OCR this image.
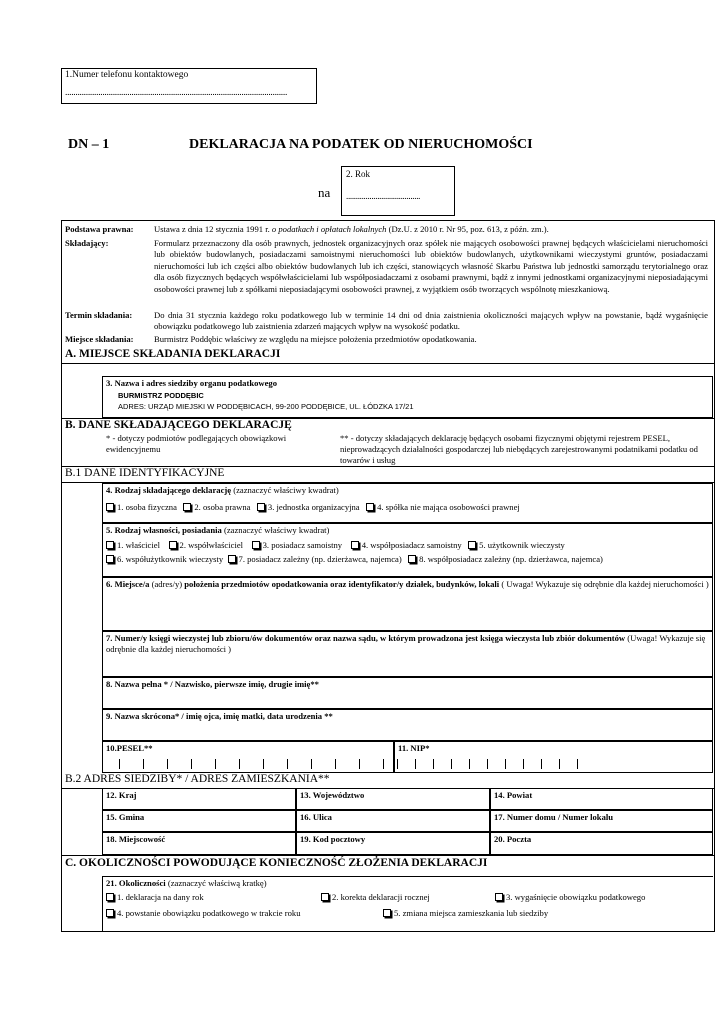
1.Numer telefonu kontaktowego
...........................................................................................................
DN – 1	DEKLARACJA NA PODATEK OD NIERUCHOMOŚCI
na
2. Rok
......................................
Podstawa prawna: Ustawa z dnia 12 stycznia 1991 r. o podatkach i opłatach lokalnych (Dz.U. z 2010 r. Nr 95, poz. 613, z późn. zm.).
Składający:	Formularz przeznaczony dla osób prawnych, jednostek organizacyjnych oraz spółek nie mających osobowości prawnej będących właścicielami nieruchomości lub obiektów budowlanych, posiadaczami samoistnymi nieruchomości lub obiektów budowlanych, użytkownikami wieczystymi gruntów, posiadaczami nieruchomości lub ich części albo obiektów budowlanych lub ich części, stanowiących własność Skarbu Państwa lub jednostki samorządu terytorialnego oraz dla osób fizycznych będących współwłaścicielami lub współposiadaczami z osobami prawnymi, bądź z innymi jednostkami organizacyjnymi nieposiadającymi osobowości prawnej lub z spółkami nieposiadającymi osobowości prawnej, z wyjątkiem osób tworzących wspólnotę mieszkaniową.
Termin składania:	Do dnia 31 stycznia każdego roku podatkowego lub w terminie 14 dni od dnia zaistnienia okoliczności mających wpływ na powstanie, bądź wygaśnięcie obowiązku podatkowego lub zaistnienia zdarzeń mających wpływ na wysokość podatku.
Miejsce składania: Burmistrz Poddębic właściwy ze względu na miejsce położenia przedmiotów opodatkowania.
A. MIEJSCE SKŁADANIA DEKLARACJI
3. Nazwa i adres siedziby organu podatkowego
BURMISTRZ PODDĘBIC
ADRES: URZĄD MIEJSKI W PODDĘBICACH, 99-200 PODDĘBICE, UL. ŁÓDZKA 17/21
B. DANE SKŁADAJĄCEGO DEKLARACJĘ
* - dotyczy podmiotów podlegających obowiązkowi ewidencyjnemu
** - dotyczy składających deklarację będących osobami fizycznymi objętymi rejestrem PESEL, nieprowadzących działalności gospodarczej lub niebędących zarejestrowanymi podatnikami podatku od towarów i usług
B.1 DANE IDENTYFIKACYJNE
4. Rodzaj składającego deklarację (zaznaczyć właściwy kwadrat)
1. osoba fizyczna 2. osoba prawna 3. jednostka organizacyjna 4. spółka nie mająca osobowości prawnej
5. Rodzaj własności, posiadania (zaznaczyć właściwy kwadrat)
1. właściciel 2. współwłaściciel 3. posiadacz samoistny 4. współposiadacz samoistny 5. użytkownik wieczysty
6. współużytkownik wieczysty 7. posiadacz zależny (np. dzierżawca, najemca) 8. współposiadacz zależny (np. dzierżawca, najemca)
6. Miejsce/a (adres/y) położenia przedmiotów opodatkowania oraz identyfikator/y działek, budynków, lokali ( Uwaga! Wykazuje się odrębnie dla każdej nieruchomości )
7. Numer/y księgi wieczystej lub zbioru/ów dokumentów oraz nazwa sądu, w którym prowadzona jest księga wieczysta lub zbiór dokumentów (Uwaga! Wykazuje się odrębnie dla każdej nieruchomości )
8. Nazwa pełna * / Nazwisko, pierwsze imię, drugie imię**
9. Nazwa skrócona* / imię ojca, imię matki, data urodzenia **
10.PESEL**	11. NIP*
B.2 ADRES SIEDZIBY* / ADRES ZAMIESZKANIA**
12. Kraj	13. Województwo	14. Powiat
15. Gmina	16. Ulica	17. Numer domu / Numer lokalu
18. Miejscowość	19. Kod pocztowy	20. Poczta
C. OKOLICZNOŚCI POWODUJĄCE KONIECZNOŚĆ ZŁOŻENIA DEKLARACJI
21. Okoliczności (zaznaczyć właściwą kratkę)
1. deklaracja na dany rok	2. korekta deklaracji rocznej	3. wygaśnięcie obowiązku podatkowego
4. powstanie obowiązku podatkowego w trakcie roku	5. zmiana miejsca zamieszkania lub siedziby
